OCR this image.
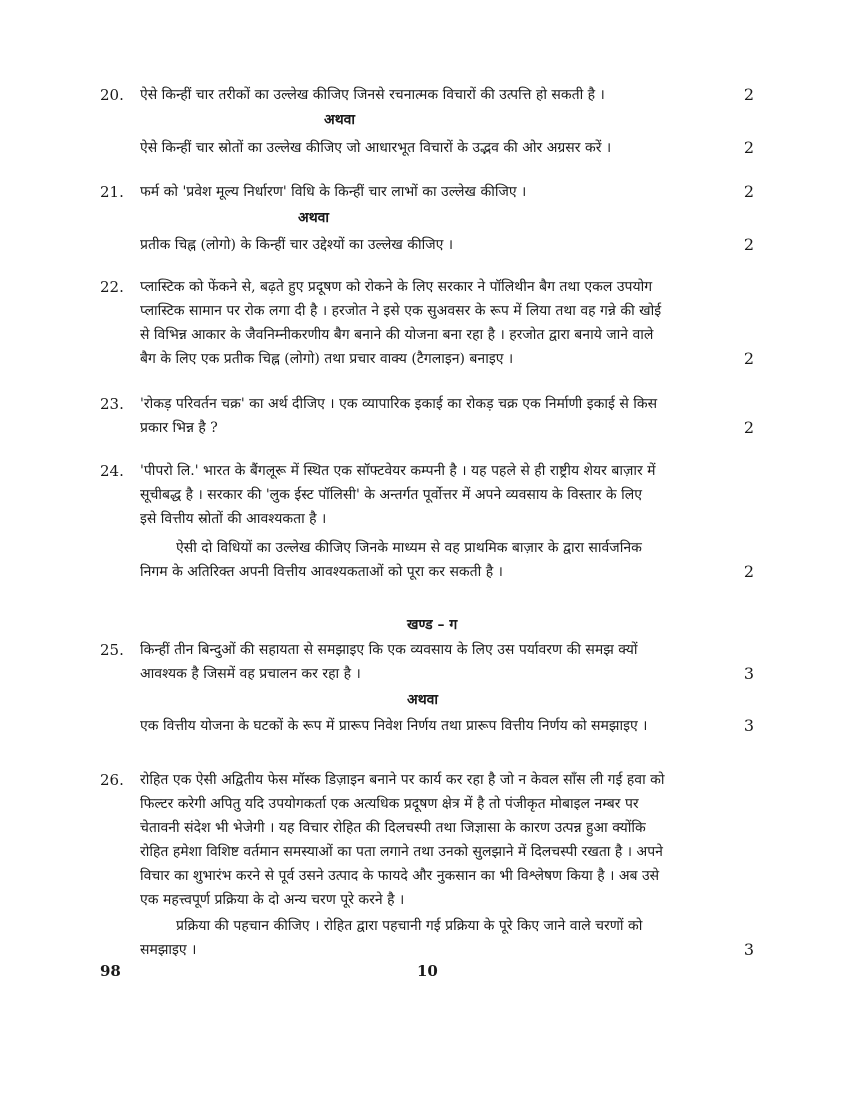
20.	ऐसे किन्हीं चार तरीकों का उल्लेख कीजिए जिनसे रचनात्मक विचारों की उत्पत्ति हो सकती है ।	2
अथवा
ऐसे किन्हीं चार स्रोतों का उल्लेख कीजिए जो आधारभूत विचारों के उद्भव की ओर अग्रसर करें ।	2
21.	फर्म को 'प्रवेश मूल्य निर्धारण' विधि के किन्हीं चार लाभों का उल्लेख कीजिए ।	2
अथवा
प्रतीक चिह्न (लोगो) के किन्हीं चार उद्देश्यों का उल्लेख कीजिए ।	2
22.	प्लास्टिक को फेंकने से, बढ़ते हुए प्रदूषण को रोकने के लिए सरकार ने पॉलिथीन बैग तथा एकल उपयोग
प्लास्टिक सामान पर रोक लगा दी है । हरजोत ने इसे एक सुअवसर के रूप में लिया तथा वह गन्ने की खोई
से विभिन्न आकार के जैवनिम्नीकरणीय बैग बनाने की योजना बना रहा है । हरजोत द्वारा बनाये जाने वाले
बैग के लिए एक प्रतीक चिह्न (लोगो) तथा प्रचार वाक्य (टैगलाइन) बनाइए ।	2
23.	'रोकड़ परिवर्तन चक्र' का अर्थ दीजिए । एक व्यापारिक इकाई का रोकड़ चक्र एक निर्माणी इकाई से किस
प्रकार भिन्न है ?	2
24.	'पीपरो लि.' भारत के बैंगलूरू में स्थित एक सॉफ्टवेयर कम्पनी है । यह पहले से ही राष्ट्रीय शेयर बाज़ार में
सूचीबद्ध है । सरकार की 'लुक ईस्ट पॉलिसी' के अन्तर्गत पूर्वोत्तर में अपने व्यवसाय के विस्तार के लिए
इसे वित्तीय स्रोतों की आवश्यकता है ।
ऐसी दो विधियों का उल्लेख कीजिए जिनके माध्यम से वह प्राथमिक बाज़ार के द्वारा सार्वजनिक
निगम के अतिरिक्त अपनी वित्तीय आवश्यकताओं को पूरा कर सकती है ।	2
खण्ड – ग
25.	किन्हीं तीन बिन्दुओं की सहायता से समझाइए कि एक व्यवसाय के लिए उस पर्यावरण की समझ क्यों
आवश्यक है जिसमें वह प्रचालन कर रहा है ।	3
अथवा
एक वित्तीय योजना के घटकों के रूप में प्रारूप निवेश निर्णय तथा प्रारूप वित्तीय निर्णय को समझाइए ।	3
26.	रोहित एक ऐसी अद्वितीय फेस मॉस्क डिज़ाइन बनाने पर कार्य कर रहा है जो न केवल साँस ली गई हवा को
फिल्टर करेगी अपितु यदि उपयोगकर्ता एक अत्यधिक प्रदूषण क्षेत्र में है तो पंजीकृत मोबाइल नम्बर पर
चेतावनी संदेश भी भेजेगी । यह विचार रोहित की दिलचस्पी तथा जिज्ञासा के कारण उत्पन्न हुआ क्योंकि
रोहित हमेशा विशिष्ट वर्तमान समस्याओं का पता लगाने तथा उनको सुलझाने में दिलचस्पी रखता है । अपने
विचार का शुभारंभ करने से पूर्व उसने उत्पाद के फायदे और नुकसान का भी विश्लेषण किया है । अब उसे
एक महत्त्वपूर्ण प्रक्रिया के दो अन्य चरण पूरे करने है ।
प्रक्रिया की पहचान कीजिए । रोहित द्वारा पहचानी गई प्रक्रिया के पूरे किए जाने वाले चरणों को
समझाइए ।	3
98	10
